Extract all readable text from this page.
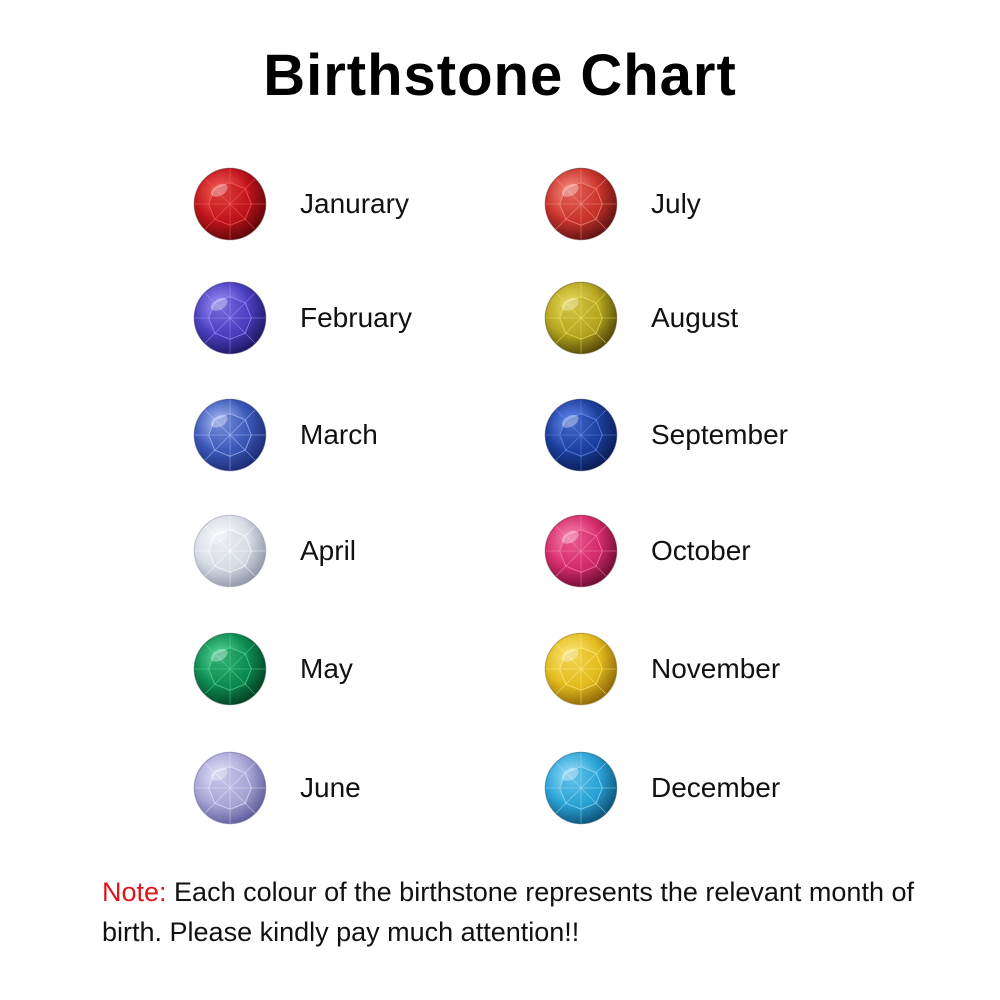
Birthstone Chart
Janurary
February
March
April
May
June
July
August
September
October
November
December
Note: Each colour of the birthstone represents the relevant month of birth. Please kindly pay much attention!!
